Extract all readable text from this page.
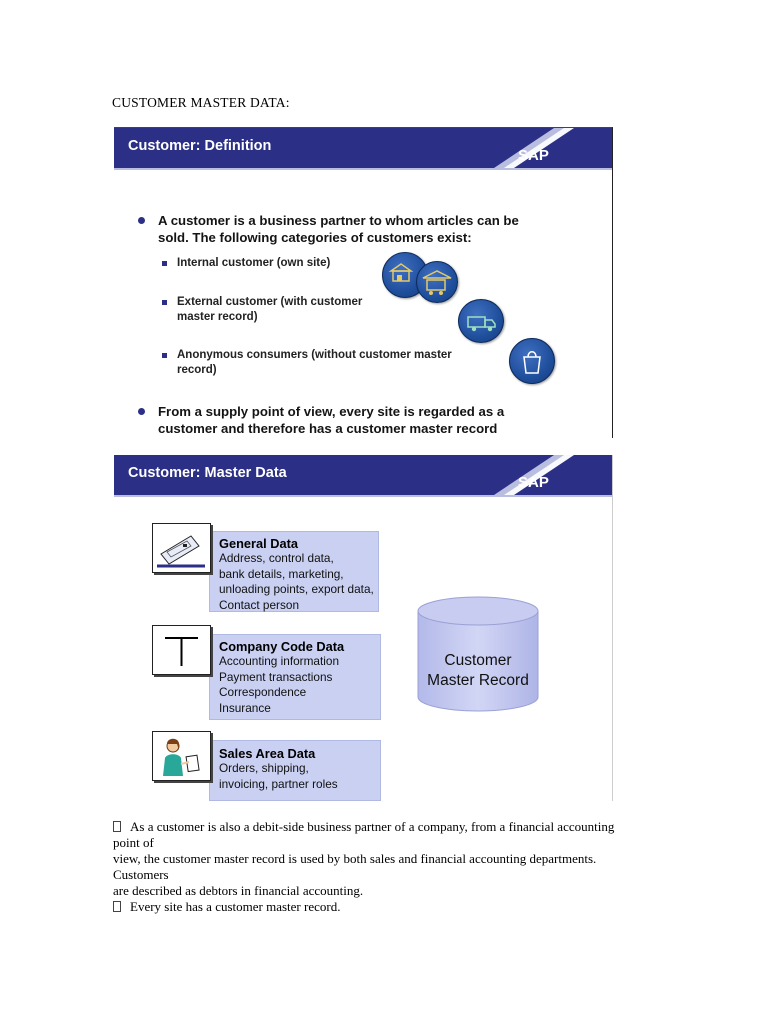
CUSTOMER MASTER DATA:
Customer: Definition
SAP
A customer is a business partner to whom articles can be
sold. The following categories of customers exist:
Internal customer (own site)
External customer (with customer
master record)
Anonymous consumers (without customer master
record)
From a supply point of view, every site is regarded as a
customer and therefore has a customer master record
Customer: Master Data
SAP
General Data
Address, control data,
bank details, marketing,
unloading points, export data,
Contact person
Company Code Data
Accounting information
Payment transactions
Correspondence
Insurance
Sales Area Data
Orders, shipping,
invoicing, partner roles
Customer
Master Record
As a customer is also a debit-side business partner of a company, from a financial accounting
point of
view, the customer master record is used by both sales and financial accounting departments.
Customers
are described as debtors in financial accounting.
Every site has a customer master record.
